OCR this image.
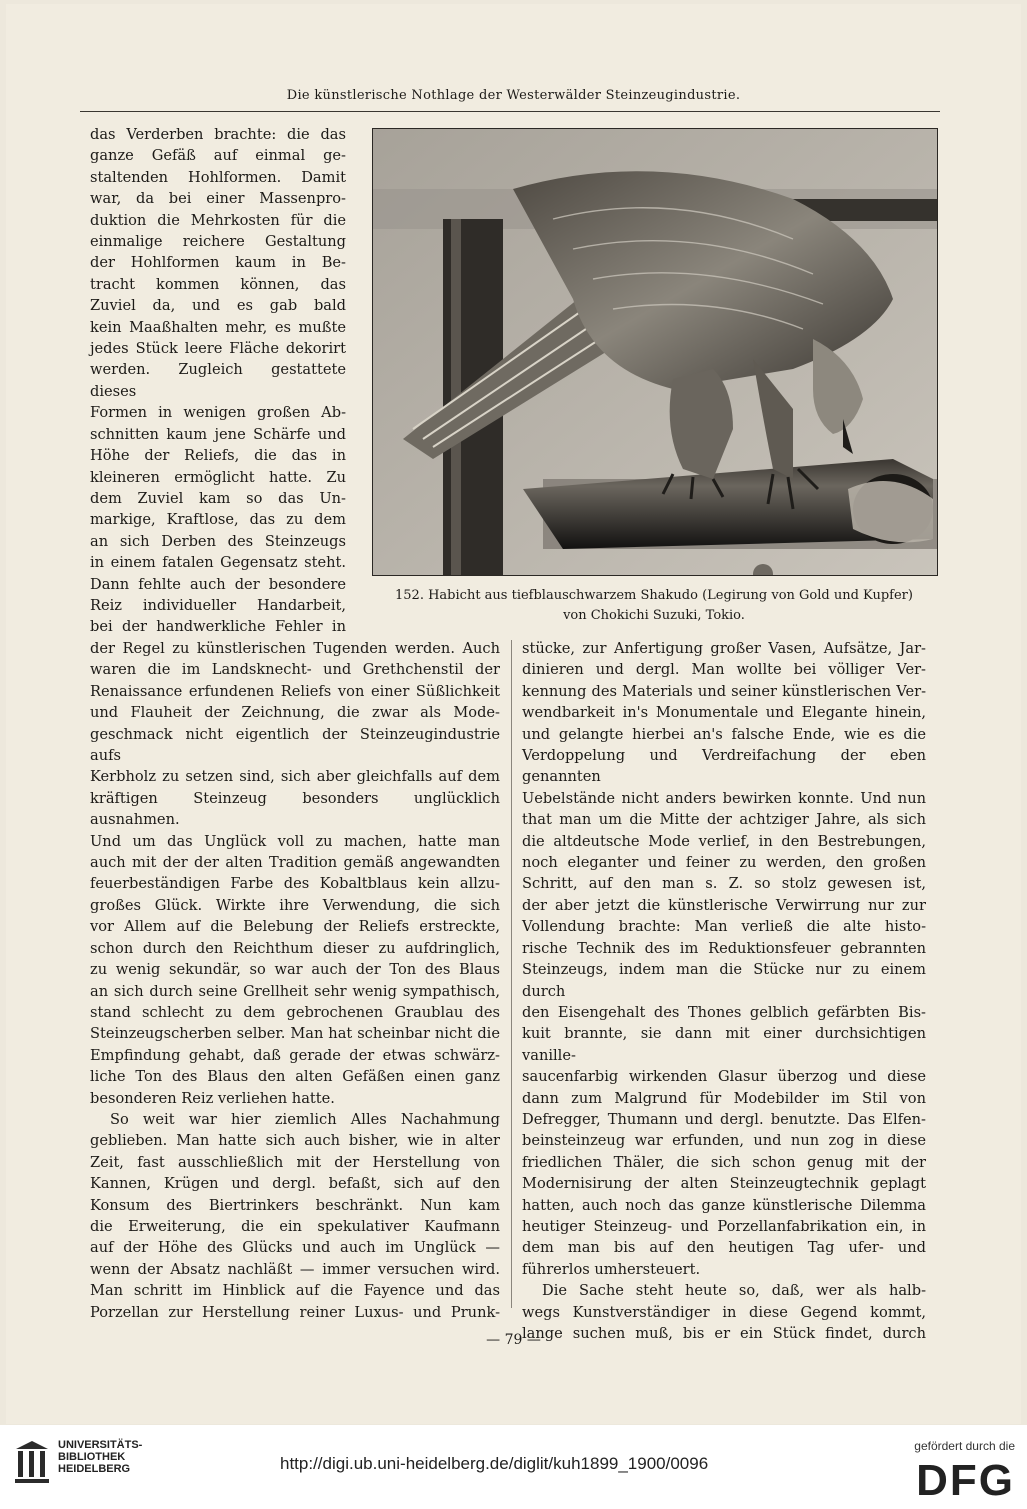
Die künstlerische Nothlage der Westerwälder Steinzeugindustrie.
152. Habicht aus tiefblauschwarzem Shakudo (Legirung von Gold und Kupfer)
von Chokichi Suzuki, Tokio.

das Verderben brachte: die das
ganze Gefäß auf einmal ge-
staltenden Hohlformen. Damit
war, da bei einer Massenpro-
duktion die Mehrkosten für die
einmalige reichere Gestaltung
der Hohlformen kaum in Be-
tracht kommen können, das
Zuviel da, und es gab bald
kein Maaßhalten mehr, es mußte
jedes Stück leere Fläche dekorirt
werden. Zugleich gestattete dieses
Formen in wenigen großen Ab-
schnitten kaum jene Schärfe und
Höhe der Reliefs, die das in
kleineren ermöglicht hatte. Zu
dem Zuviel kam so das Un-
markige, Kraftlose, das zu dem
an sich Derben des Steinzeugs
in einem fatalen Gegensatz steht.
Dann fehlte auch der besondere
Reiz individueller Handarbeit,
bei der handwerkliche Fehler in

der Regel zu künstlerischen Tugenden werden. Auch
waren die im Landsknecht- und Grethchenstil der
Renaissance erfundenen Reliefs von einer Süßlichkeit
und Flauheit der Zeichnung, die zwar als Mode-
geschmack nicht eigentlich der Steinzeugindustrie aufs
Kerbholz zu setzen sind, sich aber gleichfalls auf dem
kräftigen Steinzeug besonders unglücklich ausnahmen.
Und um das Unglück voll zu machen, hatte man
auch mit der der alten Tradition gemäß angewandten
feuerbeständigen Farbe des Kobaltblaus kein allzu-
großes Glück. Wirkte ihre Verwendung, die sich
vor Allem auf die Belebung der Reliefs erstreckte,
schon durch den Reichthum dieser zu aufdringlich,
zu wenig sekundär, so war auch der Ton des Blaus
an sich durch seine Grellheit sehr wenig sympathisch,
stand schlecht zu dem gebrochenen Graublau des
Steinzeugscherben selber. Man hat scheinbar nicht die
Empfindung gehabt, daß gerade der etwas schwärz-
liche Ton des Blaus den alten Gefäßen einen ganz

besonderen Reiz verliehen hatte.

So weit war hier ziemlich Alles Nachahmung
geblieben. Man hatte sich auch bisher, wie in alter
Zeit, fast ausschließlich mit der Herstellung von
Kannen, Krügen und dergl. befaßt, sich auf den
Konsum des Biertrinkers beschränkt. Nun kam
die Erweiterung, die ein spekulativer Kaufmann
auf der Höhe des Glücks und auch im Unglück —
wenn der Absatz nachläßt — immer versuchen wird.
Man schritt im Hinblick auf die Fayence und das
Porzellan zur Herstellung reiner Luxus- und Prunk-

stücke, zur Anfertigung großer Vasen, Aufsätze, Jar-
dinieren und dergl. Man wollte bei völliger Ver-
kennung des Materials und seiner künstlerischen Ver-
wendbarkeit in's Monumentale und Elegante hinein,
und gelangte hierbei an's falsche Ende, wie es die
Verdoppelung und Verdreifachung der eben genannten
Uebelstände nicht anders bewirken konnte. Und nun
that man um die Mitte der achtziger Jahre, als sich
die altdeutsche Mode verlief, in den Bestrebungen,
noch eleganter und feiner zu werden, den großen
Schritt, auf den man s. Z. so stolz gewesen ist,
der aber jetzt die künstlerische Verwirrung nur zur
Vollendung brachte: Man verließ die alte histo-
rische Technik des im Reduktionsfeuer gebrannten
Steinzeugs, indem man die Stücke nur zu einem durch
den Eisengehalt des Thones gelblich gefärbten Bis-
kuit brannte, sie dann mit einer durchsichtigen vanille-
saucenfarbig wirkenden Glasur überzog und diese
dann zum Malgrund für Modebilder im Stil von
Defregger, Thumann und dergl. benutzte. Das Elfen-
beinsteinzeug war erfunden, und nun zog in diese
friedlichen Thäler, die sich schon genug mit der
Modernisirung der alten Steinzeugtechnik geplagt
hatten, auch noch das ganze künstlerische Dilemma
heutiger Steinzeug- und Porzellanfabrikation ein, in
dem man bis auf den heutigen Tag ufer- und

führerlos umhersteuert.

Die Sache steht heute so, daß, wer als halb-
wegs Kunstverständiger in diese Gegend kommt,
lange suchen muß, bis er ein Stück findet, durch

— 79 —
UNIVERSITÄTS-
BIBLIOTHEK
HEIDELBERG	http://digi.ub.uni-heidelberg.de/diglit/kuh1899_1900/0096
gefördert durch die
DFG
